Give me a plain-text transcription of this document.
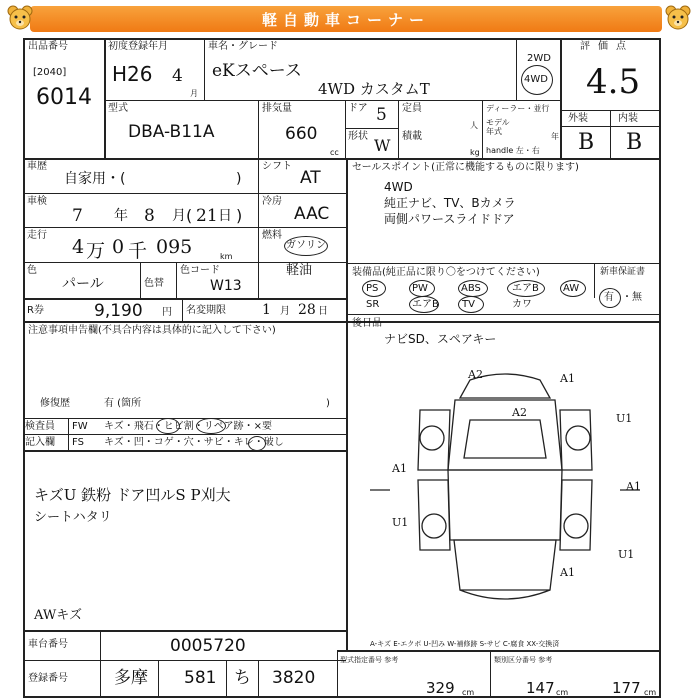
軽自動車コーナー
出品番号
[2040]
6014
初度登録年月
H26 4
月
車名・グレード
eKスペース
4WD カスタムT
2WD
4WD
評価点
4.5
外装	内装
B B
型式
DBA-B11A
排気量
660
cc
ドア 5
形状 W
定員
人
積載
kg
ディーラー・並行
モデル
年式
年
handle 左・右
車歴
自家用・(	)
シフト
AT
車検
7 年 8 月 ( 21 日 )
冷房
AAC
走行
4 万 0 千 095	km
燃料
ガソリン
軽油
色
パール	色替
色コード
W13
R券	9,190 円 名変期限	1 月 28 日
セールスポイント(正常に機能するものに限ります)
4WD
純正ナビ、TV、Bカメラ
両側パワースライドドア
装備品(純正品に限り〇をつけてください)	新車保証書
PS	PW	ABS	エアB AW
SR	エアB TV	カワ
有 ・ 無
後日品
ナビSD、スペアキー
注意事項申告欄(不具合内容は具体的に記入して下さい)
修復歴	有 (箇所	)
検査員 FW キズ・飛石・ヒビ割・リペア跡・×要
記入欄 FS キズ・凹・コゲ・穴・サビ・キレ・破し
キズU 鉄粉 ドア凹ルS P刈大
シートハタリ
AWキズ
車台番号	0005720
登録番号	多摩 581 ち 3820
A-キズ E-エクボ U-凹み W-補修跡 S-サビ C-腐食 XX-交換済
型式指定番号 参考	類別区分番号 参考
329 cm	147 cm	177 cm
A2	A1
A2	U1
A1
A1
U1
U1
A1
